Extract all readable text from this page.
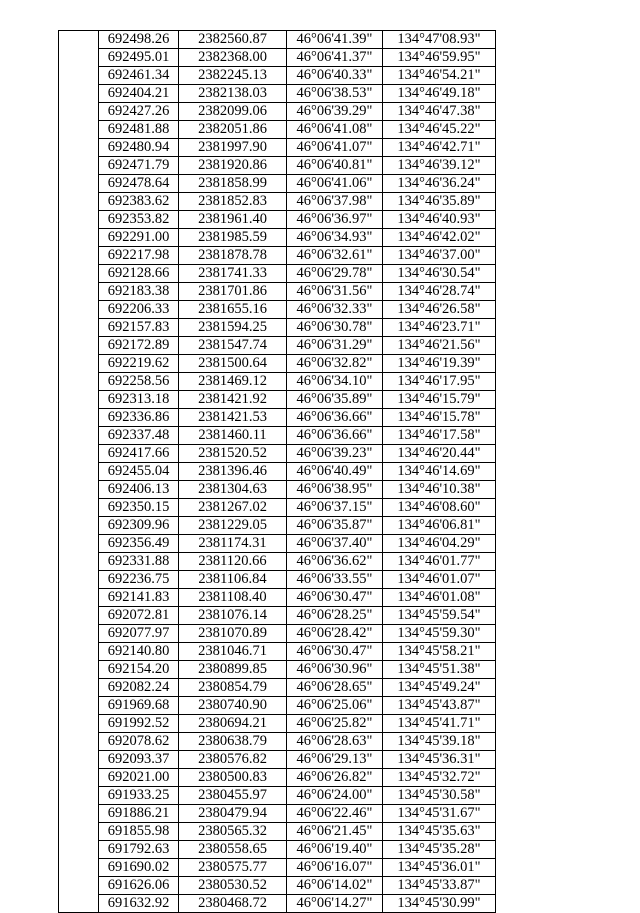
	692498.26	2382560.87	46°06'41.39"	134°47'08.93"	
	692495.01	2382368.00	46°06'41.37"	134°46'59.95"	
	692461.34	2382245.13	46°06'40.33"	134°46'54.21"	
	692404.21	2382138.03	46°06'38.53"	134°46'49.18"	
	692427.26	2382099.06	46°06'39.29"	134°46'47.38"	
	692481.88	2382051.86	46°06'41.08"	134°46'45.22"	
	692480.94	2381997.90	46°06'41.07"	134°46'42.71"	
	692471.79	2381920.86	46°06'40.81"	134°46'39.12"	
	692478.64	2381858.99	46°06'41.06"	134°46'36.24"	
	692383.62	2381852.83	46°06'37.98"	134°46'35.89"	
	692353.82	2381961.40	46°06'36.97"	134°46'40.93"	
	692291.00	2381985.59	46°06'34.93"	134°46'42.02"	
	692217.98	2381878.78	46°06'32.61"	134°46'37.00"	
	692128.66	2381741.33	46°06'29.78"	134°46'30.54"	
	692183.38	2381701.86	46°06'31.56"	134°46'28.74"	
	692206.33	2381655.16	46°06'32.33"	134°46'26.58"	
	692157.83	2381594.25	46°06'30.78"	134°46'23.71"	
	692172.89	2381547.74	46°06'31.29"	134°46'21.56"	
	692219.62	2381500.64	46°06'32.82"	134°46'19.39"	
	692258.56	2381469.12	46°06'34.10"	134°46'17.95"	
	692313.18	2381421.92	46°06'35.89"	134°46'15.79"	
	692336.86	2381421.53	46°06'36.66"	134°46'15.78"	
	692337.48	2381460.11	46°06'36.66"	134°46'17.58"	
	692417.66	2381520.52	46°06'39.23"	134°46'20.44"	
	692455.04	2381396.46	46°06'40.49"	134°46'14.69"	
	692406.13	2381304.63	46°06'38.95"	134°46'10.38"	
	692350.15	2381267.02	46°06'37.15"	134°46'08.60"	
	692309.96	2381229.05	46°06'35.87"	134°46'06.81"	
	692356.49	2381174.31	46°06'37.40"	134°46'04.29"	
	692331.88	2381120.66	46°06'36.62"	134°46'01.77"	
	692236.75	2381106.84	46°06'33.55"	134°46'01.07"	
	692141.83	2381108.40	46°06'30.47"	134°46'01.08"	
	692072.81	2381076.14	46°06'28.25"	134°45'59.54"	
	692077.97	2381070.89	46°06'28.42"	134°45'59.30"	
	692140.80	2381046.71	46°06'30.47"	134°45'58.21"	
	692154.20	2380899.85	46°06'30.96"	134°45'51.38"	
	692082.24	2380854.79	46°06'28.65"	134°45'49.24"	
	691969.68	2380740.90	46°06'25.06"	134°45'43.87"	
	691992.52	2380694.21	46°06'25.82"	134°45'41.71"	
	692078.62	2380638.79	46°06'28.63"	134°45'39.18"	
	692093.37	2380576.82	46°06'29.13"	134°45'36.31"	
	692021.00	2380500.83	46°06'26.82"	134°45'32.72"	
	691933.25	2380455.97	46°06'24.00"	134°45'30.58"	
	691886.21	2380479.94	46°06'22.46"	134°45'31.67"	
	691855.98	2380565.32	46°06'21.45"	134°45'35.63"	
	691792.63	2380558.65	46°06'19.40"	134°45'35.28"	
	691690.02	2380575.77	46°06'16.07"	134°45'36.01"	
	691626.06	2380530.52	46°06'14.02"	134°45'33.87"	
	691632.92	2380468.72	46°06'14.27"	134°45'30.99"	
